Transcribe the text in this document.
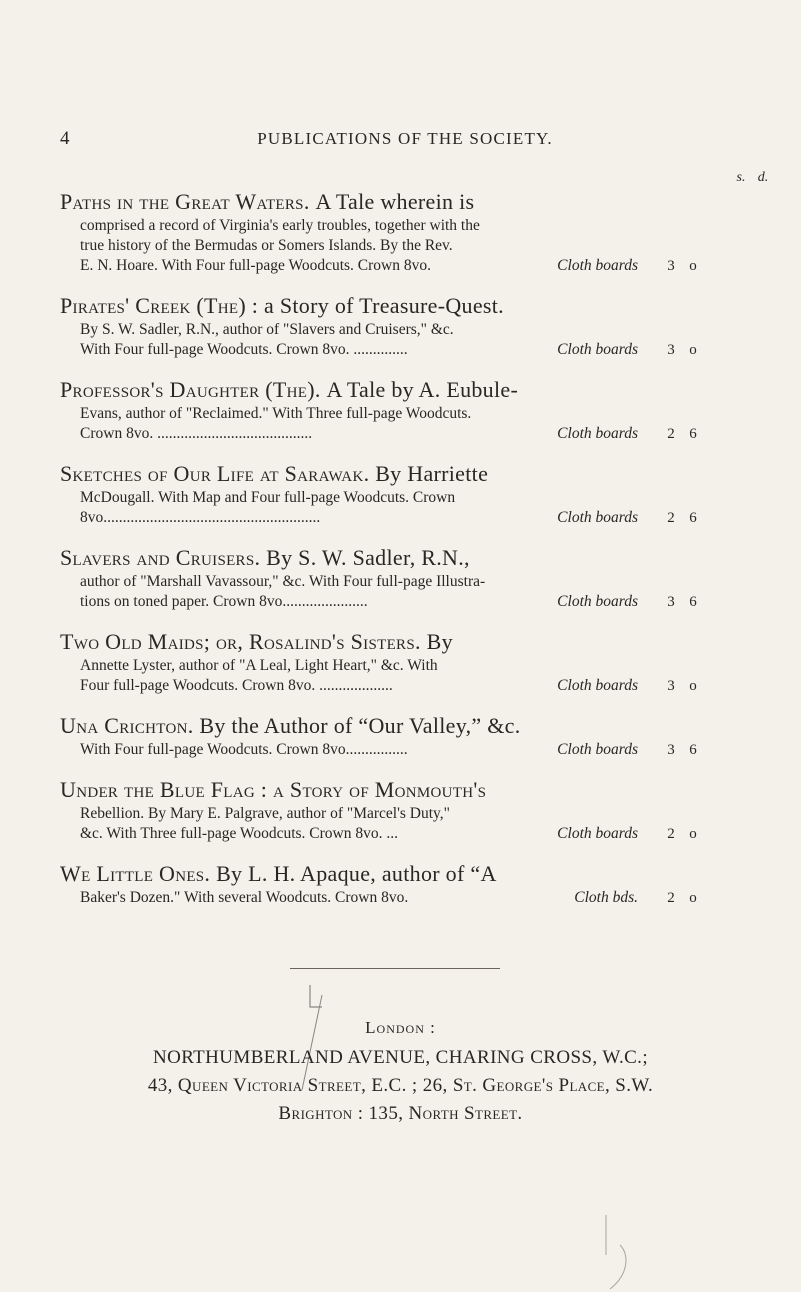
4	PUBLICATIONS OF THE SOCIETY.
s. d.
Paths in the Great Waters. A Tale wherein is
comprised a record of Virginia's early troubles, together with the
true history of the Bermudas or Somers Islands. By the Rev.
E. N. Hoare. With Four full-page Woodcuts. Crown 8vo.	Cloth boards	3 o
Pirates' Creek (The) : a Story of Treasure-Quest.
By S. W. Sadler, R.N., author of "Slavers and Cruisers," &c.
With Four full-page Woodcuts. Crown 8vo. ..............	Cloth boards	3 o
Professor's Daughter (The). A Tale by A. Eubule-
Evans, author of "Reclaimed." With Three full-page Woodcuts.
Crown 8vo. ........................................	Cloth boards	2 6
Sketches of Our Life at Sarawak. By Harriette
McDougall. With Map and Four full-page Woodcuts. Crown
8vo........................................................	Cloth boards	2 6
Slavers and Cruisers. By S. W. Sadler, R.N.,
author of "Marshall Vavassour," &c. With Four full-page Illustra-
tions on toned paper. Crown 8vo......................	Cloth boards	3 6
Two Old Maids; or, Rosalind's Sisters. By
Annette Lyster, author of "A Leal, Light Heart," &c. With
Four full-page Woodcuts. Crown 8vo. ...................	Cloth boards	3 o
Una Crichton. By the Author of “Our Valley,” &c.
With Four full-page Woodcuts. Crown 8vo................	Cloth boards	3 6
Under the Blue Flag : a Story of Monmouth's
Rebellion. By Mary E. Palgrave, author of "Marcel's Duty,"
&c. With Three full-page Woodcuts. Crown 8vo. ...	Cloth boards	2 o
We Little Ones. By L. H. Apaque, author of “A
Baker's Dozen." With several Woodcuts. Crown 8vo.	Cloth bds.	2 o
London :
NORTHUMBERLAND AVENUE, CHARING CROSS, W.C.;
43, Queen Victoria Street, E.C. ; 26, St. George's Place, S.W.
Brighton : 135, North Street.
